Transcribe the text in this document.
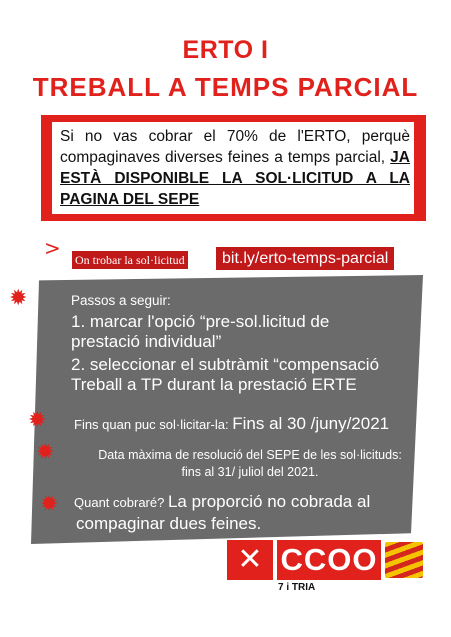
ERTO I
TREBALL A TEMPS PARCIAL
Si no vas cobrar el 70% de l'ERTO, perquè compaginaves diverses feines a temps parcial, JA ESTÀ DISPONIBLE LA SOL·LICITUD A LA PAGINA DEL SEPE
> On trobar la sol·licitud	bit.ly/erto-temps-parcial
✹
✹
✹
✹
Passos a seguir:
1. marcar l'opció “pre-sol.licitud de prestació individual”
2. seleccionar el subtràmit “compensació Treball a TP durant la prestació ERTE
Fins quan puc sol·licitar-la: Fins al 30 /juny/2021
Data màxima de resolució del SEPE de les sol·licituds:
fins al 31/ juliol del 2021.
Quant cobraré? La proporció no cobrada al
compaginar dues feines.
✕ CCOO
7 i TRIA
